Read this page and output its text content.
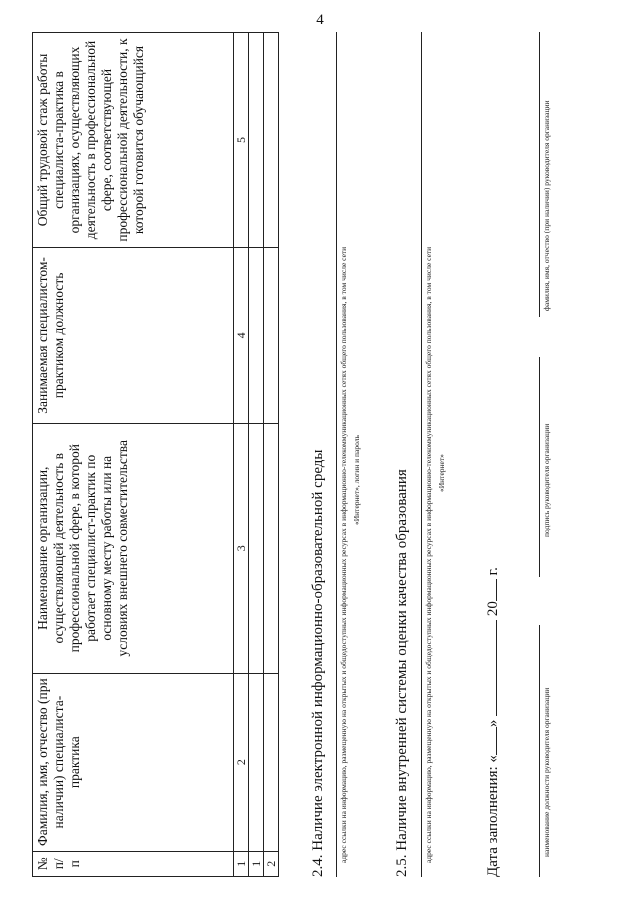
4
№ п/п	Фамилия, имя, отчество (при наличии) специалиста-практика	Наименование организации, осуществляющей деятельность в профессиональной сфере, в которой работает специалист-практик по основному месту работы или на условиях внешнего совместительства	Занимаемая специалистом-практиком должность	Общий трудовой стаж работы специалиста-практика в организациях, осуществляющих деятельность в профессиональной сфере, соответствующей профессиональной деятельности, к которой готовится обучающийся
1	2	3	4	5
1				
2				2.4. Наличие электронной информационно-образовательной среды адрес ссылки на информацию, размещенную на открытых и общедоступных информационных ресурсах в информационно-телекоммуникационных сетях общего пользования, в том числе сети «Интернет», логин и пароль 2.5. Наличие внутренней системы оценки качества образования адрес ссылки на информацию, размещенную на открытых и общедоступных информационных ресурсах в информационно-телекоммуникационных сетях общего пользования, в том числе сети «Интернет»
Дата заполнения: «»  20 г.
наименование должности руководителя организации
подпись руководителя организации
фамилия, имя, отчество (при наличии) руководителя организации
